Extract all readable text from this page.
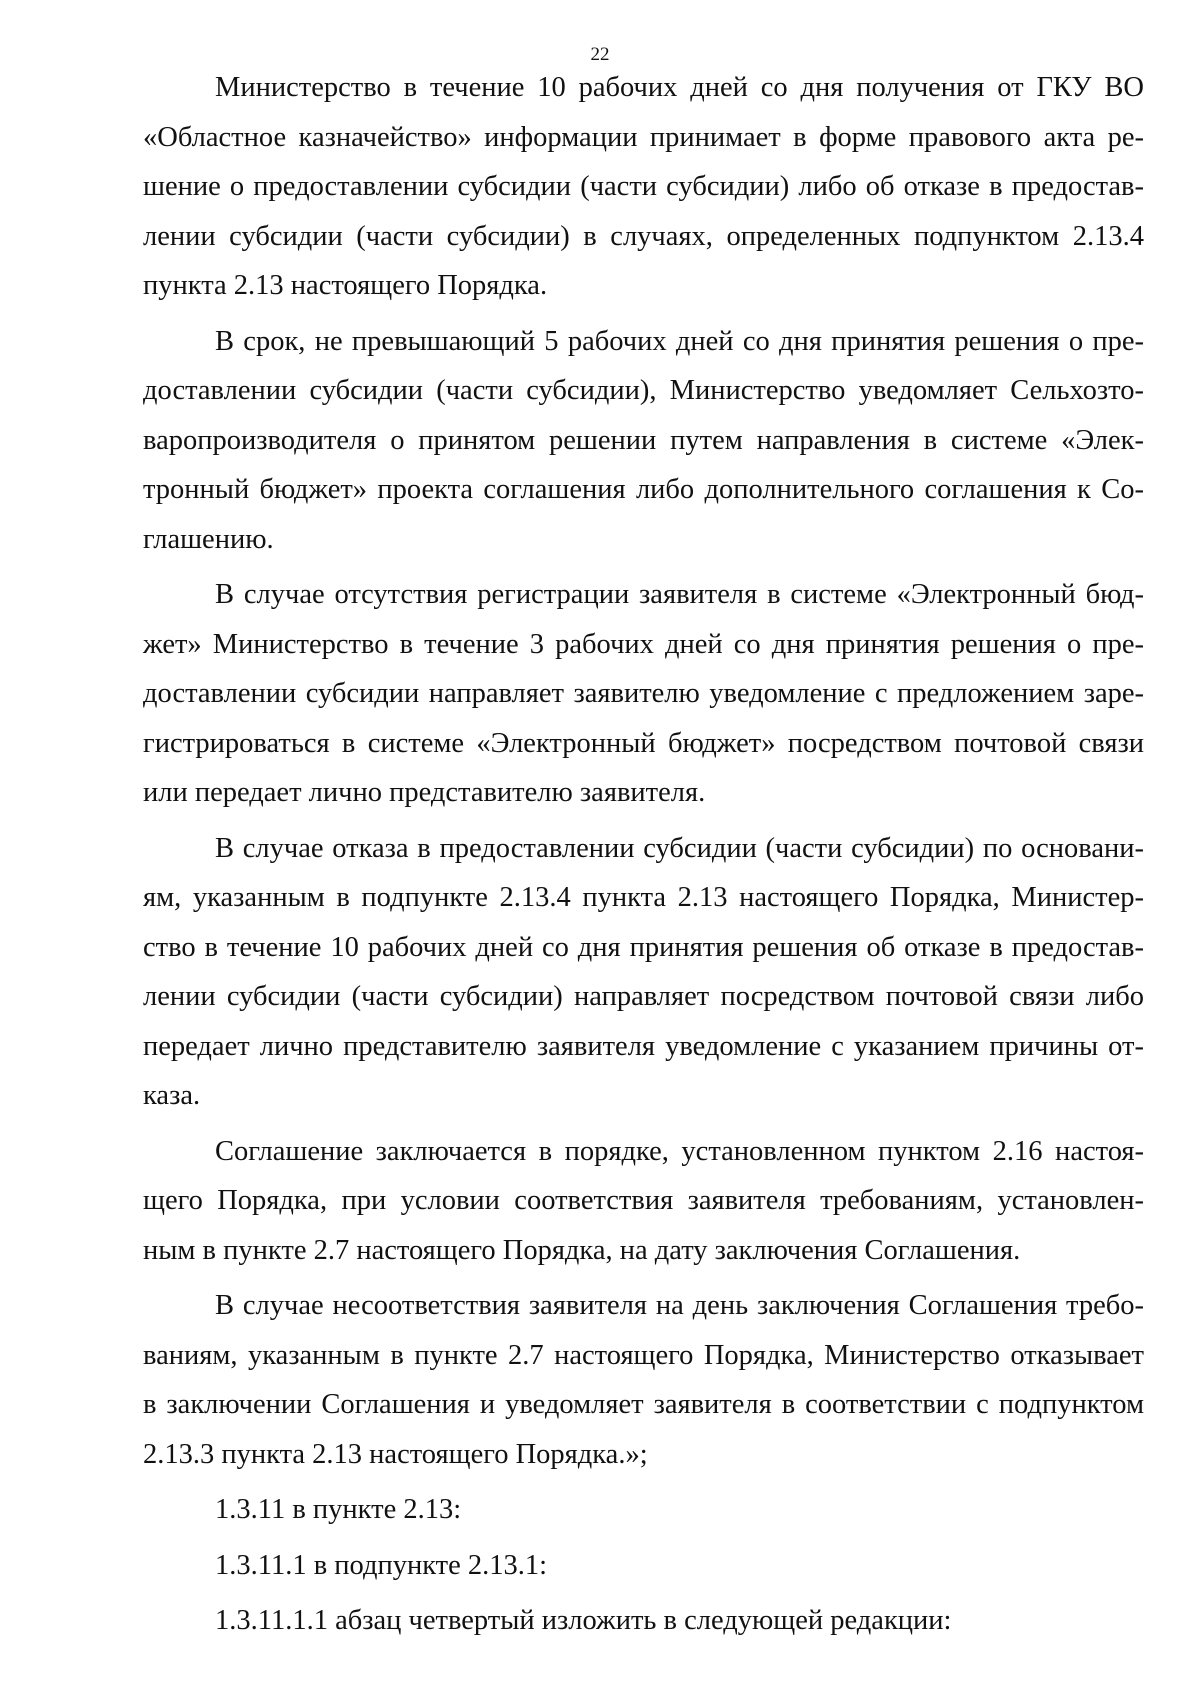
22

Министерство в течение 10 рабочих дней со дня получения от ГКУ ВО
«Областное казначейство» информации принимает в форме правового акта ре-
шение о предоставлении субсидии (части субсидии) либо об отказе в предостав-
лении субсидии (части субсидии) в случаях, определенных подпунктом 2.13.4
пункта 2.13 настоящего Порядка.

В срок, не превышающий 5 рабочих дней со дня принятия решения о пре-
доставлении субсидии (части субсидии), Министерство уведомляет Сельхозто-
варопроизводителя о принятом решении путем направления в системе «Элек-
тронный бюджет» проекта соглашения либо дополнительного соглашения к Со-
глашению.

В случае отсутствия регистрации заявителя в системе «Электронный бюд-
жет» Министерство в течение 3 рабочих дней со дня принятия решения о пре-
доставлении субсидии направляет заявителю уведомление с предложением заре-
гистрироваться в системе «Электронный бюджет» посредством почтовой связи
или передает лично представителю заявителя.

В случае отказа в предоставлении субсидии (части субсидии) по основани-
ям, указанным в подпункте 2.13.4 пункта 2.13 настоящего Порядка, Министер-
ство в течение 10 рабочих дней со дня принятия решения об отказе в предостав-
лении субсидии (части субсидии) направляет посредством почтовой связи либо
передает лично представителю заявителя уведомление с указанием причины от-
каза.

Соглашение заключается в порядке, установленном пунктом 2.16 настоя-
щего Порядка, при условии соответствия заявителя требованиям, установлен-
ным в пункте 2.7 настоящего Порядка, на дату заключения Соглашения.

В случае несоответствия заявителя на день заключения Соглашения требо-
ваниям, указанным в пункте 2.7 настоящего Порядка, Министерство отказывает
в заключении Соглашения и уведомляет заявителя в соответствии с подпунктом
2.13.3 пункта 2.13 настоящего Порядка.»;

1.3.11 в пункте 2.13:
1.3.11.1 в подпункте 2.13.1:
1.3.11.1.1 абзац четвертый изложить в следующей редакции:
